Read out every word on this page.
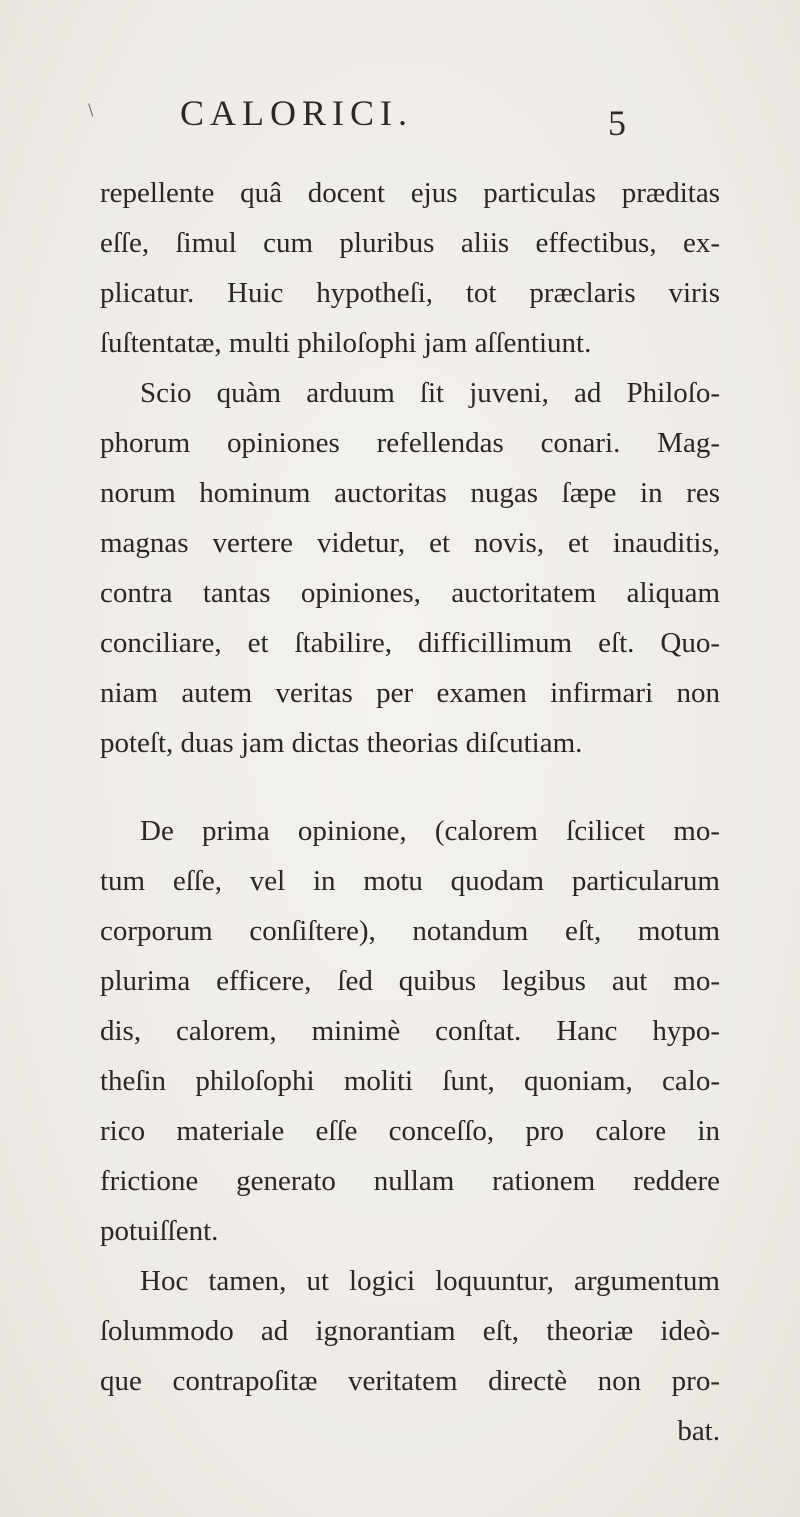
\ CALORICI.	5
repellente quâ docent ejus particulas præditas
eſſe, ſimul cum pluribus aliis effectibus, ex-
plicatur. Huic hypotheſi, tot præclaris viris
ſuſtentatæ, multi philoſophi jam aſſentiunt.
Scio quàm arduum ſit juveni, ad Philoſo-
phorum opiniones refellendas conari. Mag-
norum hominum auctoritas nugas ſæpe in res
magnas vertere videtur, et novis, et inauditis,
contra tantas opiniones, auctoritatem aliquam
conciliare, et ſtabilire, difficillimum eſt. Quo-
niam autem veritas per examen infirmari non
poteſt, duas jam dictas theorias diſcutiam.
De prima opinione, (calorem ſcilicet mo-
tum eſſe, vel in motu quodam particularum
corporum conſiſtere), notandum eſt, motum
plurima efficere, ſed quibus legibus aut mo-
dis, calorem, minimè conſtat. Hanc hypo-
theſin philoſophi moliti ſunt, quoniam, calo-
rico materiale eſſe conceſſo, pro calore in
frictione generato nullam rationem reddere
potuiſſent.
Hoc tamen, ut logici loquuntur, argumentum
ſolummodo ad ignorantiam eſt, theoriæ ideò-
que contrapoſitæ veritatem directè non pro-
bat.
